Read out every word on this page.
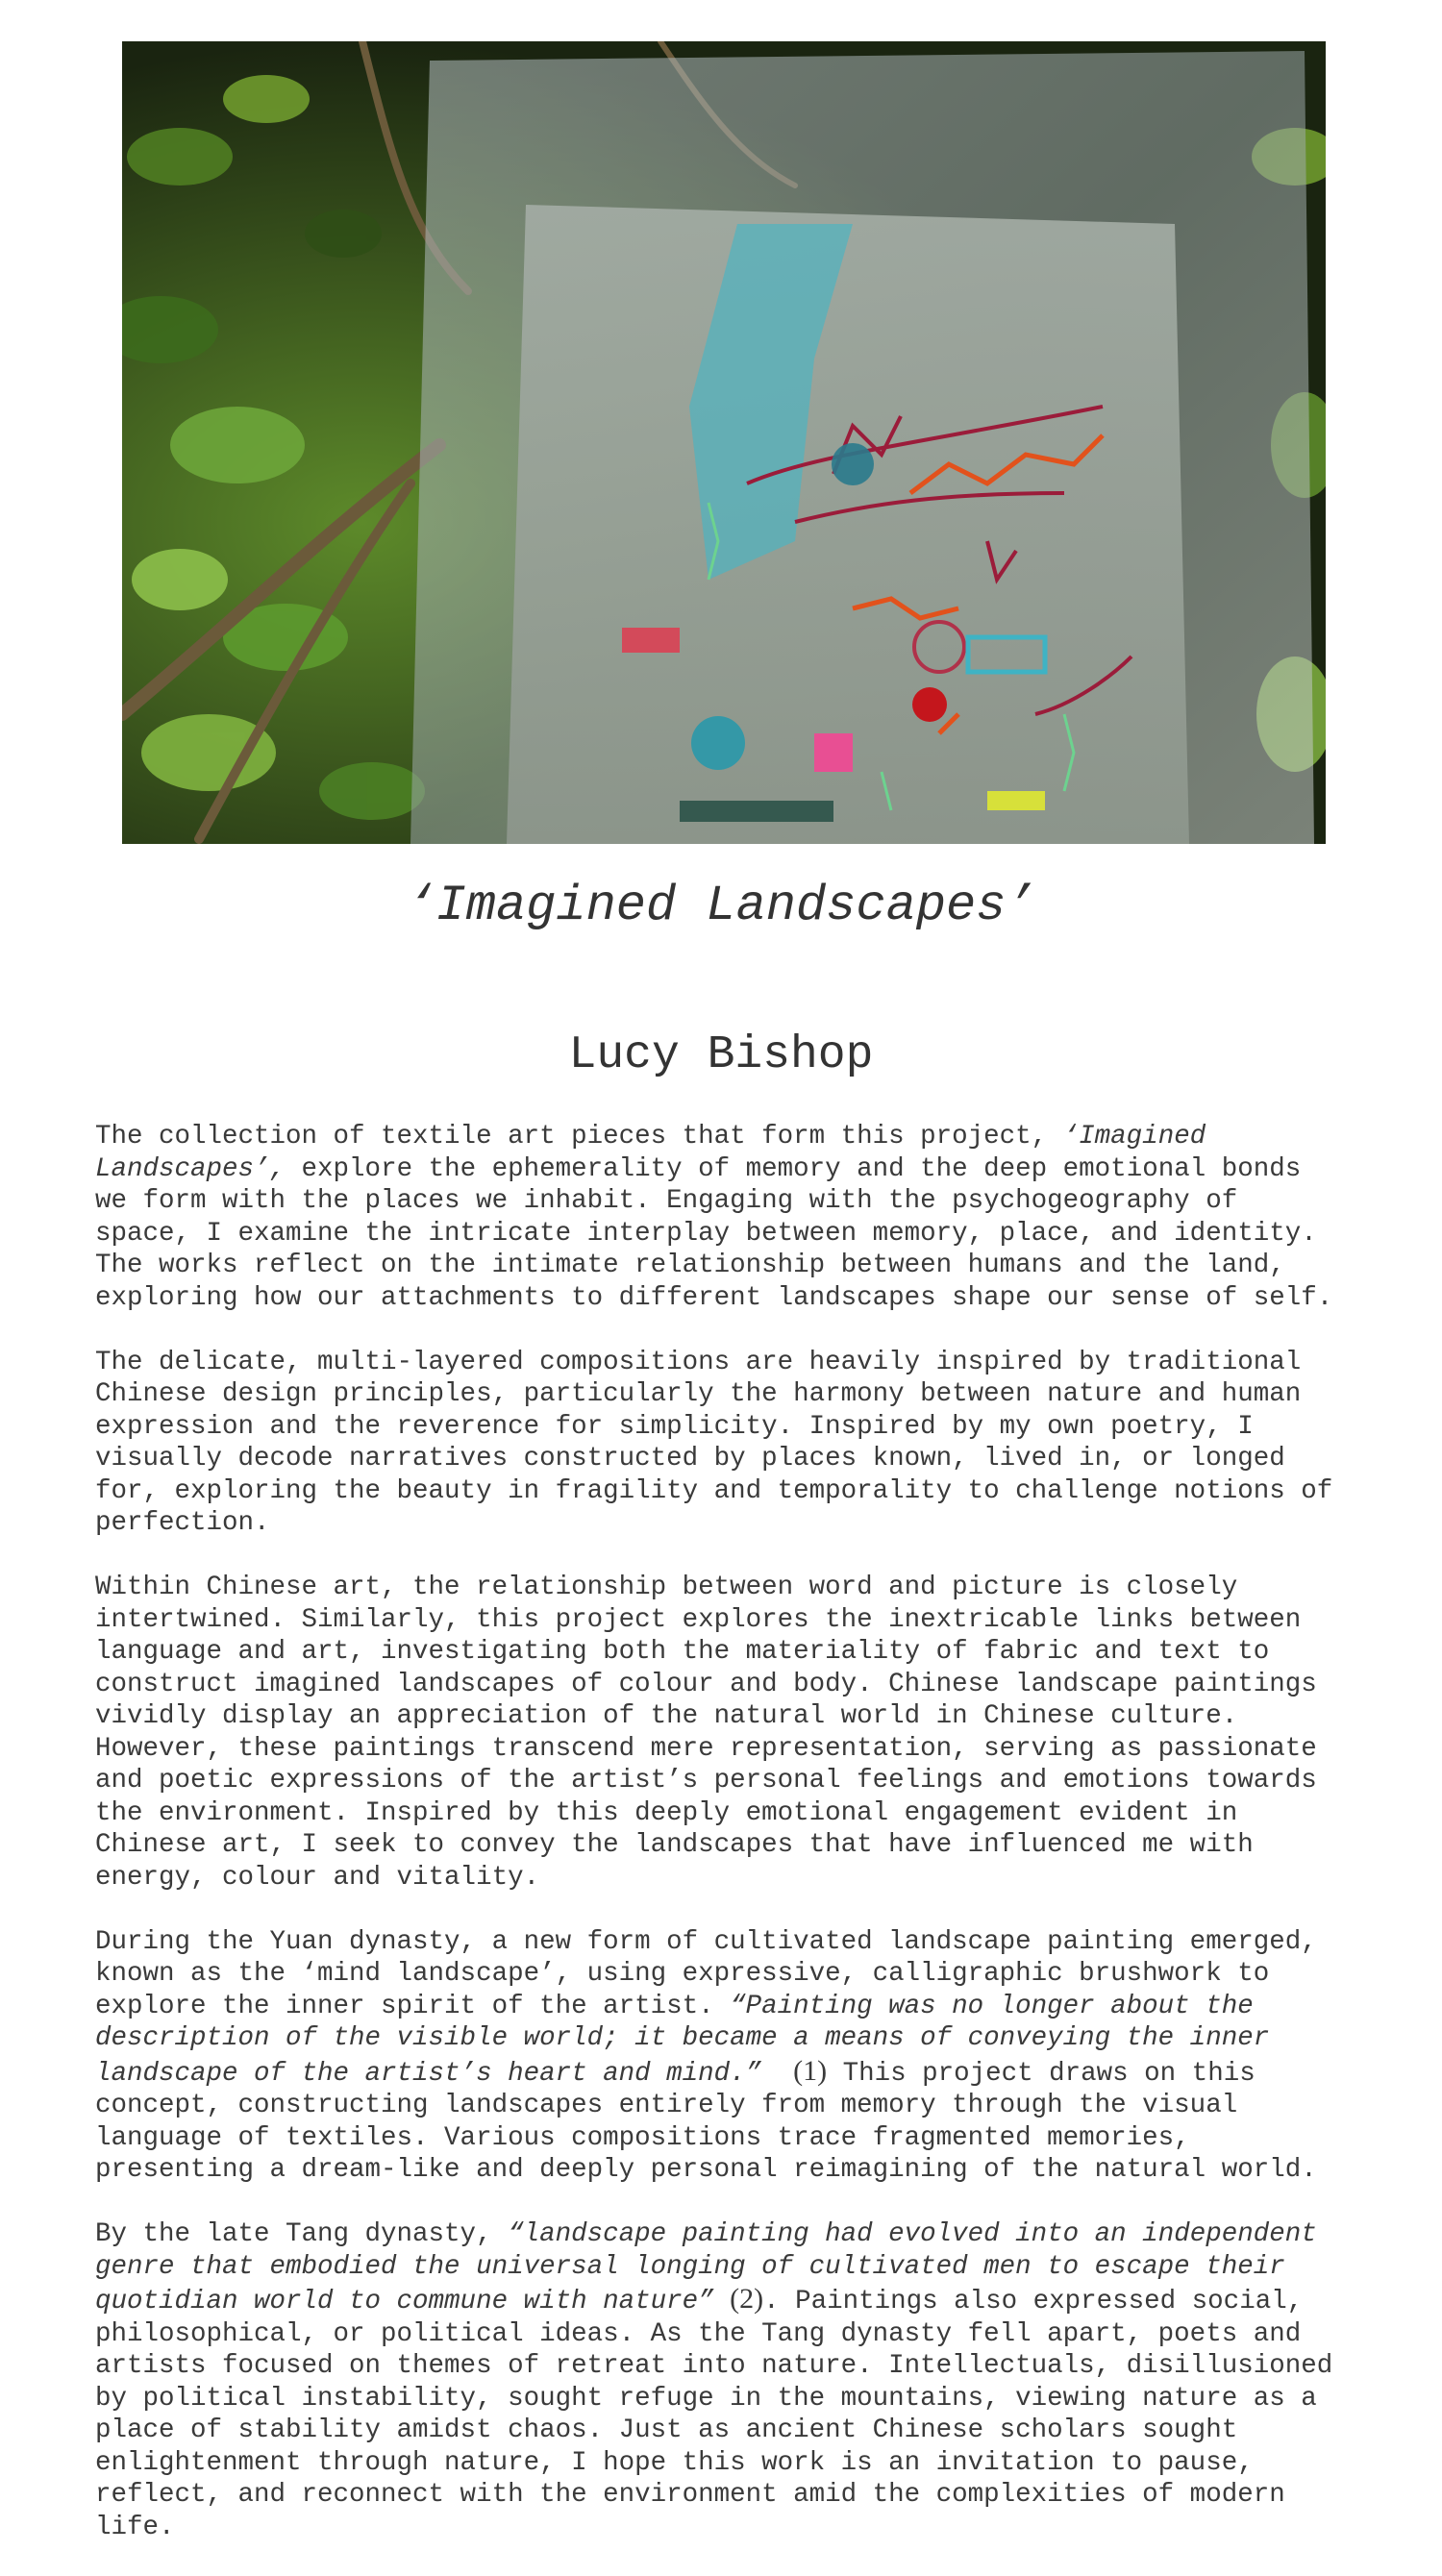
‘Imagined Landscapes’
Lucy Bishop

The collection of textile art pieces that form this project, ‘Imagined
Landscapes’, explore the ephemerality of memory and the deep emotional bonds
we form with the places we inhabit. Engaging with the psychogeography of
space, I examine the intricate interplay between memory, place, and identity.
The works reflect on the intimate relationship between humans and the land,
exploring how our attachments to different landscapes shape our sense of self.

The delicate, multi-layered compositions are heavily inspired by traditional
Chinese design principles, particularly the harmony between nature and human
expression and the reverence for simplicity. Inspired by my own poetry, I
visually decode narratives constructed by places known, lived in, or longed
for, exploring the beauty in fragility and temporality to challenge notions of
perfection.

Within Chinese art, the relationship between word and picture is closely
intertwined. Similarly, this project explores the inextricable links between
language and art, investigating both the materiality of fabric and text to
construct imagined landscapes of colour and body. Chinese landscape paintings
vividly display an appreciation of the natural world in Chinese culture.
However, these paintings transcend mere representation, serving as passionate
and poetic expressions of the artist’s personal feelings and emotions towards
the environment. Inspired by this deeply emotional engagement evident in
Chinese art, I seek to convey the landscapes that have influenced me with
energy, colour and vitality.

During the Yuan dynasty, a new form of cultivated landscape painting emerged,
known as the ‘mind landscape’, using expressive, calligraphic brushwork to
explore the inner spirit of the artist. “Painting was no longer about the
description of the visible world; it became a means of conveying the inner
landscape of the artist’s heart and mind.” (1) This project draws on this
concept, constructing landscapes entirely from memory through the visual
language of textiles. Various compositions trace fragmented memories,
presenting a dream-like and deeply personal reimagining of the natural world.

By the late Tang dynasty, “landscape painting had evolved into an independent
genre that embodied the universal longing of cultivated men to escape their
quotidian world to commune with nature” (2). Paintings also expressed social,
philosophical, or political ideas. As the Tang dynasty fell apart, poets and
artists focused on themes of retreat into nature. Intellectuals, disillusioned
by political instability, sought refuge in the mountains, viewing nature as a
place of stability amidst chaos. Just as ancient Chinese scholars sought
enlightenment through nature, I hope this work is an invitation to pause,
reflect, and reconnect with the environment amid the complexities of modern
life.
